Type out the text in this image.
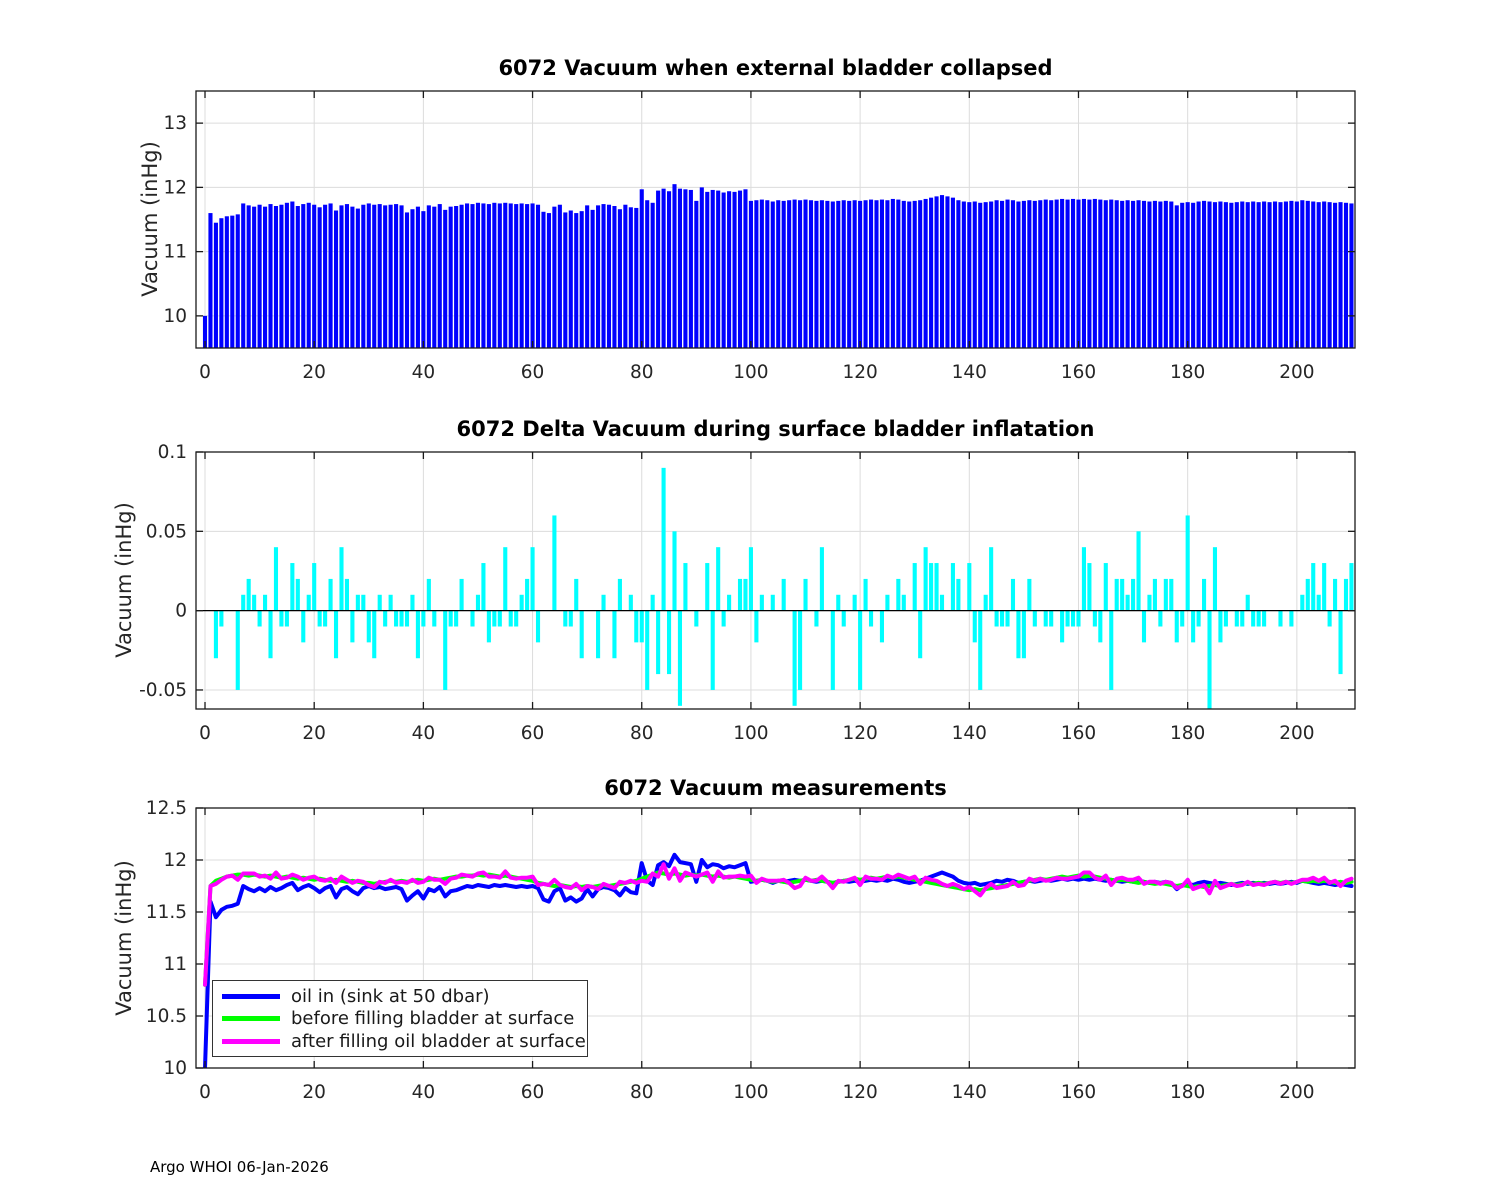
0	20	40	60	80	100	120	140	160	180	200
10
11
12
13
0	20	40	60	80	100	120	140	160	180	200
-0.05
0
0.05
0.1
0	20	40	60	80	100	120	140	160	180	200
10
10.5
11
11.5
12
12.5
6072 Vacuum when external bladder collapsed
6072 Delta Vacuum during surface bladder inflatation
6072 Vacuum measurements
Vacuum (inHg)
Vacuum (inHg)
Vacuum (inHg)	oil in (sink at 50 dbar)
before filling bladder at surface
after filling oil bladder at surface
Argo WHOI 06-Jan-2026
